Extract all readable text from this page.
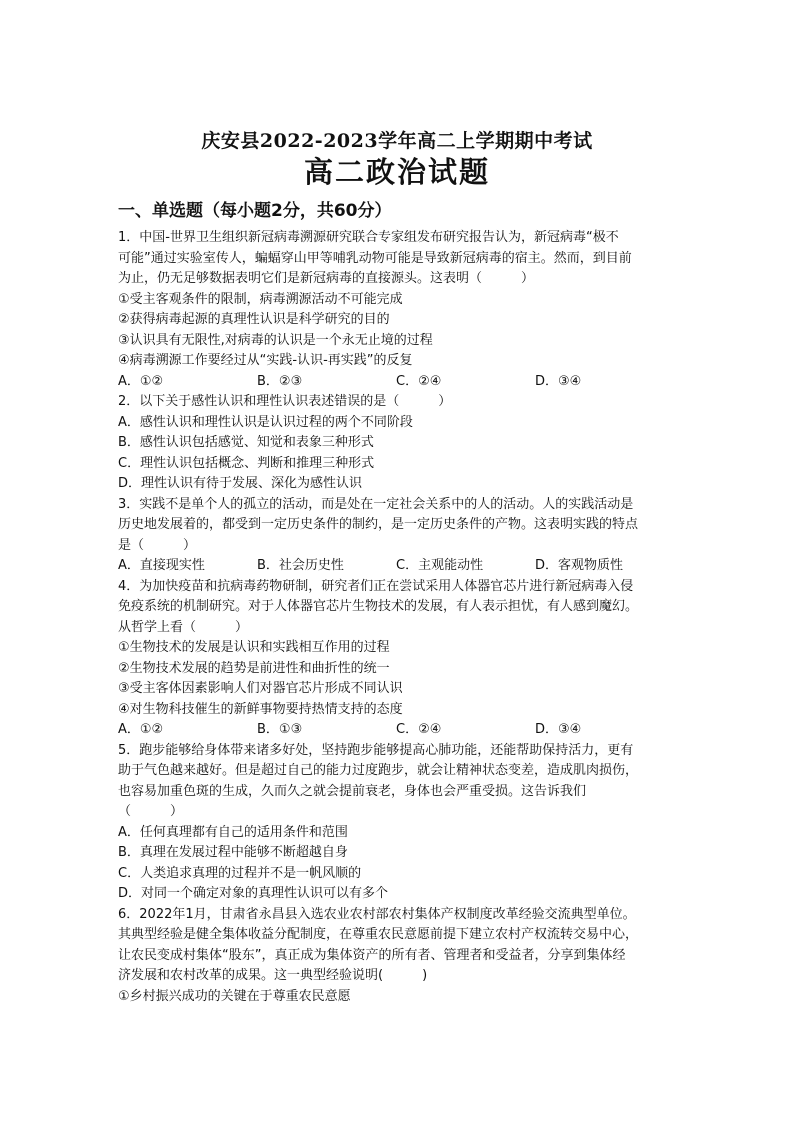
庆安县2022-2023学年高二上学期期中考试
高二政治试题
一、单选题（每小题2分，共60分）
1．中国-世界卫生组织新冠病毒溯源研究联合专家组发布研究报告认为，新冠病毒“极不
可能”通过实验室传人，蝙蝠穿山甲等哺乳动物可能是导致新冠病毒的宿主。然而，到目前
为止，仍无足够数据表明它们是新冠病毒的直接源头。这表明（　　　）
①受主客观条件的限制，病毒溯源活动不可能完成
②获得病毒起源的真理性认识是科学研究的目的
③认识具有无限性,对病毒的认识是一个永无止境的过程
④病毒溯源工作要经过从“实践-认识-再实践”的反复
A．①②	B．②③	C．②④	D．③④
2．以下关于感性认识和理性认识表述错误的是（　　　）
A．感性认识和理性认识是认识过程的两个不同阶段
B．感性认识包括感觉、知觉和表象三种形式
C．理性认识包括概念、判断和推理三种形式
D．理性认识有待于发展、深化为感性认识
3．实践不是单个人的孤立的活动，而是处在一定社会关系中的人的活动。人的实践活动是
历史地发展着的，都受到一定历史条件的制约，是一定历史条件的产物。这表明实践的特点
是（　　　）
A．直接现实性	B．社会历史性	C．主观能动性	D．客观物质性
4．为加快疫苗和抗病毒药物研制，研究者们正在尝试采用人体器官芯片进行新冠病毒入侵
免疫系统的机制研究。对于人体器官芯片生物技术的发展，有人表示担忧，有人感到魔幻。
从哲学上看（　　　）
①生物技术的发展是认识和实践相互作用的过程
②生物技术发展的趋势是前进性和曲折性的统一
③受主客体因素影响人们对器官芯片形成不同认识
④对生物科技催生的新鲜事物要持热情支持的态度
A．①②	B．①③	C．②④	D．③④
5．跑步能够给身体带来诸多好处，坚持跑步能够提高心肺功能，还能帮助保持活力，更有
助于气色越来越好。但是超过自己的能力过度跑步，就会让精神状态变差，造成肌肉损伤，
也容易加重色斑的生成，久而久之就会提前衰老，身体也会严重受损。这告诉我们
（　　　）
A．任何真理都有自己的适用条件和范围
B．真理在发展过程中能够不断超越自身
C．人类追求真理的过程并不是一帆风顺的
D．对同一个确定对象的真理性认识可以有多个
6．2022年1月，甘肃省永昌县入选农业农村部农村集体产权制度改革经验交流典型单位。
其典型经验是健全集体收益分配制度，在尊重农民意愿前提下建立农村产权流转交易中心，
让农民变成村集体“股东”，真正成为集体资产的所有者、管理者和受益者，分享到集体经
济发展和农村改革的成果。这一典型经验说明(　　　)
①乡村振兴成功的关键在于尊重农民意愿
